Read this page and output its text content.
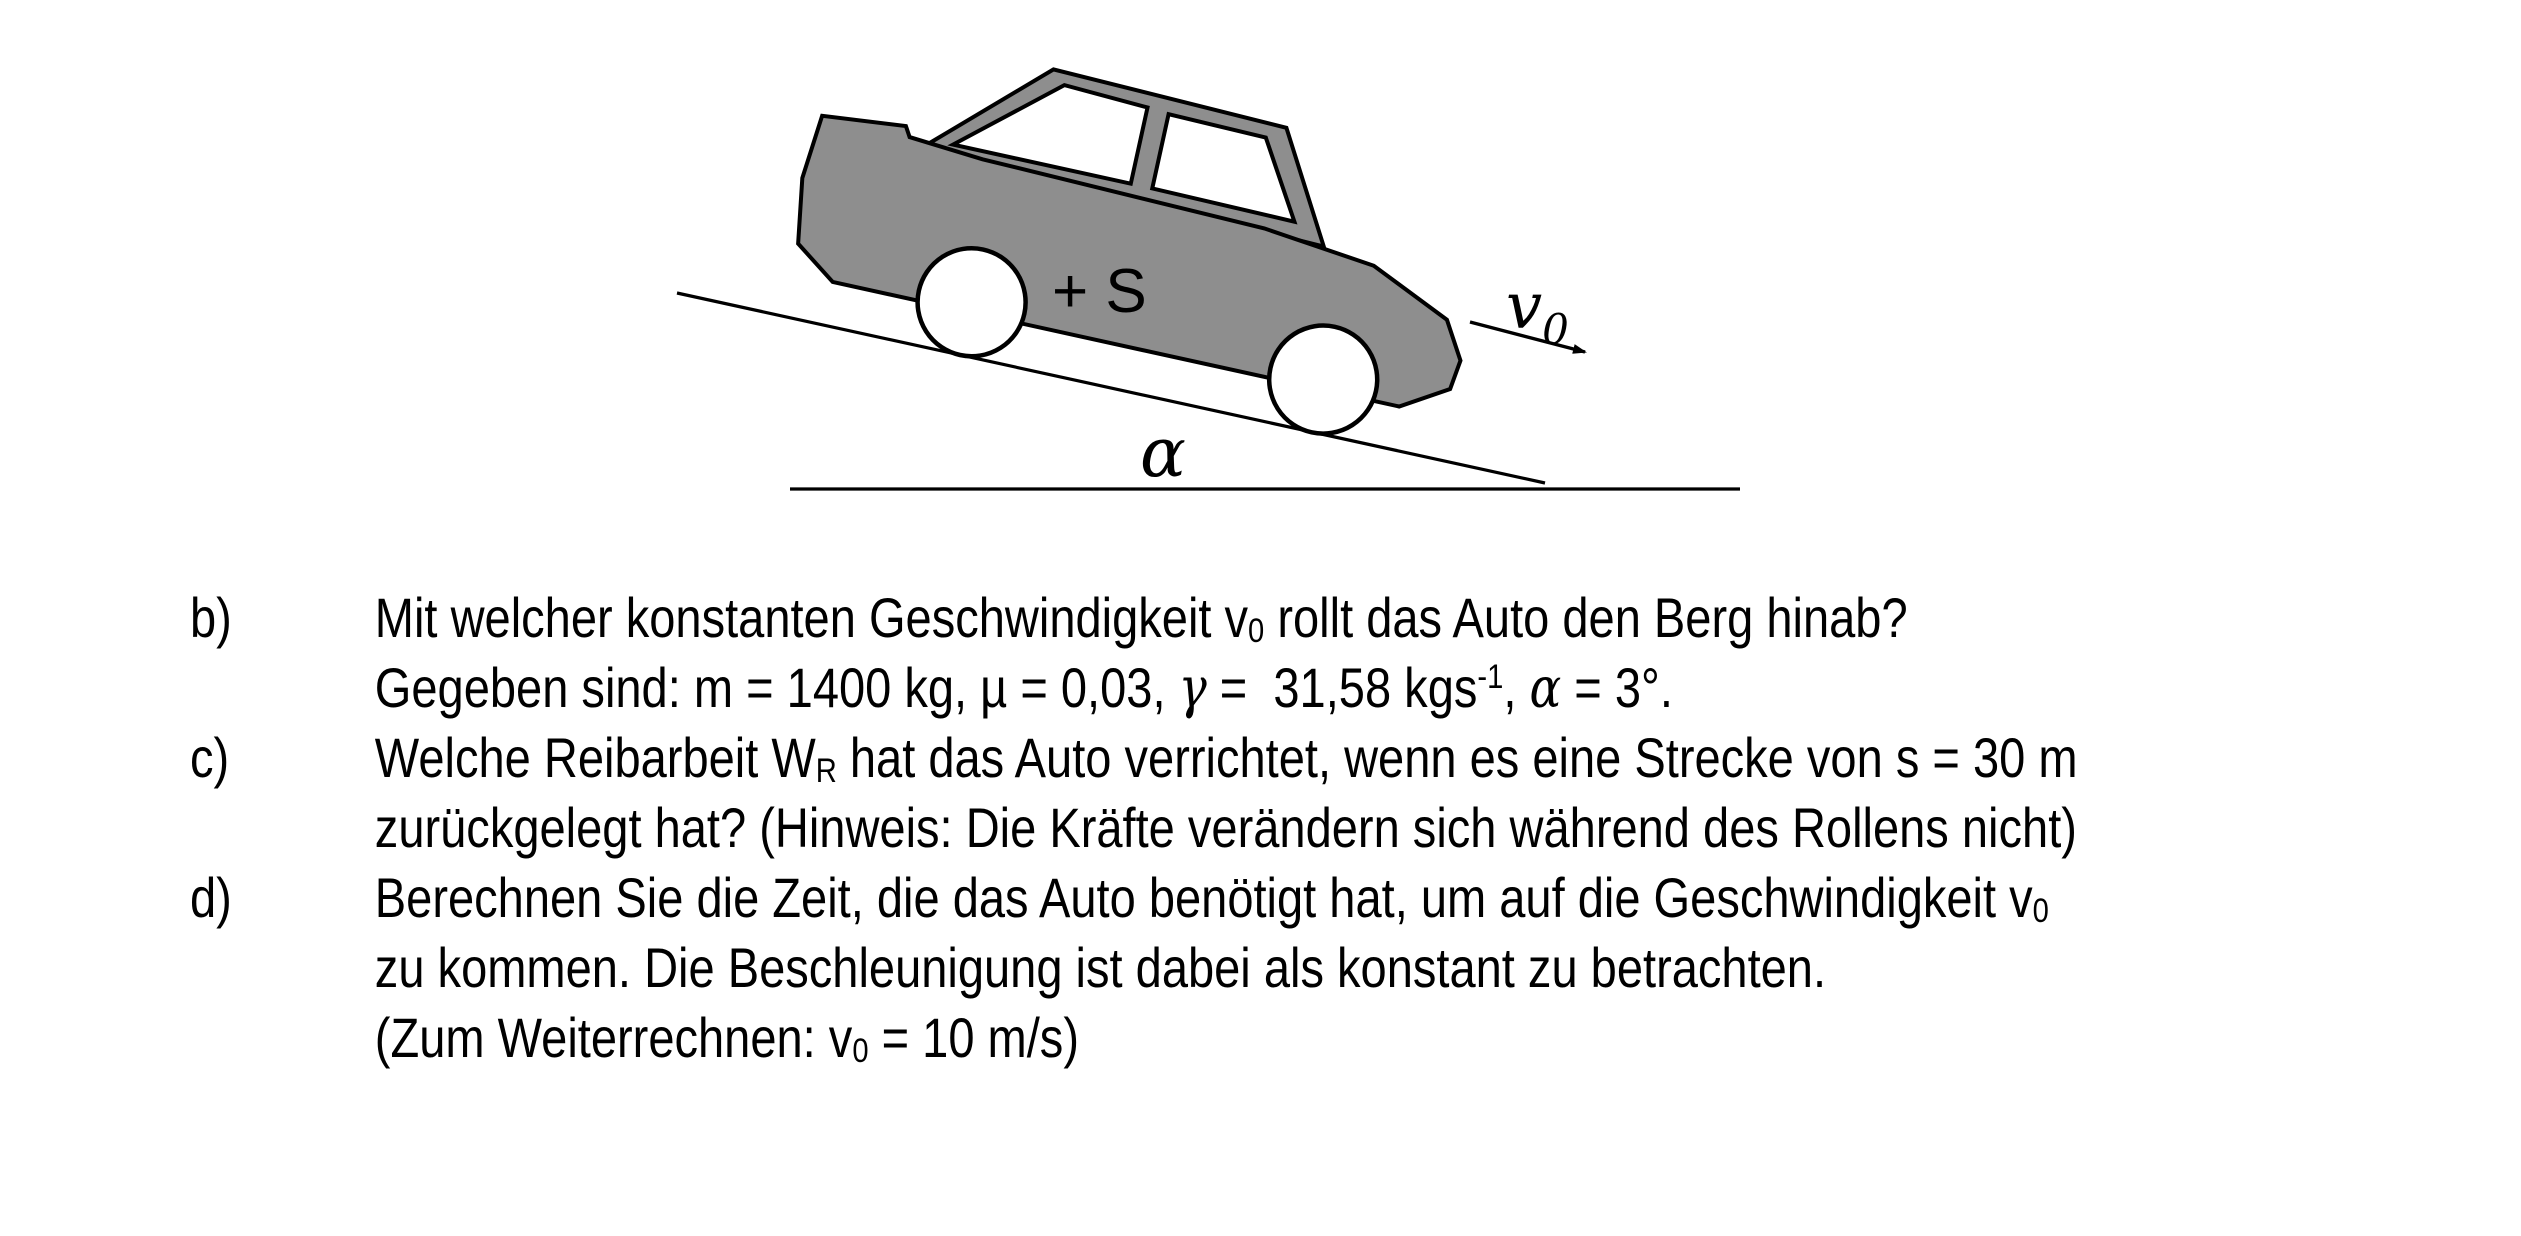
+ S	$v_0$
α
b)	Mit welcher konstanten Geschwindigkeit $v_0$ rollt das Auto den Berg hinab?
Gegeben sind: m = 1400 kg, µ = 0,03, γ =  31,58 kgs$^{-1}$, α = 3°.
c)	Welche Reibarbeit $W_R$ hat das Auto verrichtet, wenn es eine Strecke von s = 30 m
zurückgelegt hat? (Hinweis: Die Kräfte verändern sich während des Rollens nicht)
d)	Berechnen Sie die Zeit, die das Auto benötigt hat, um auf die Geschwindigkeit $v_0$
zu kommen. Die Beschleunigung ist dabei als konstant zu betrachten.
(Zum Weiterrechnen: $v_0 = 10$ m/s)
